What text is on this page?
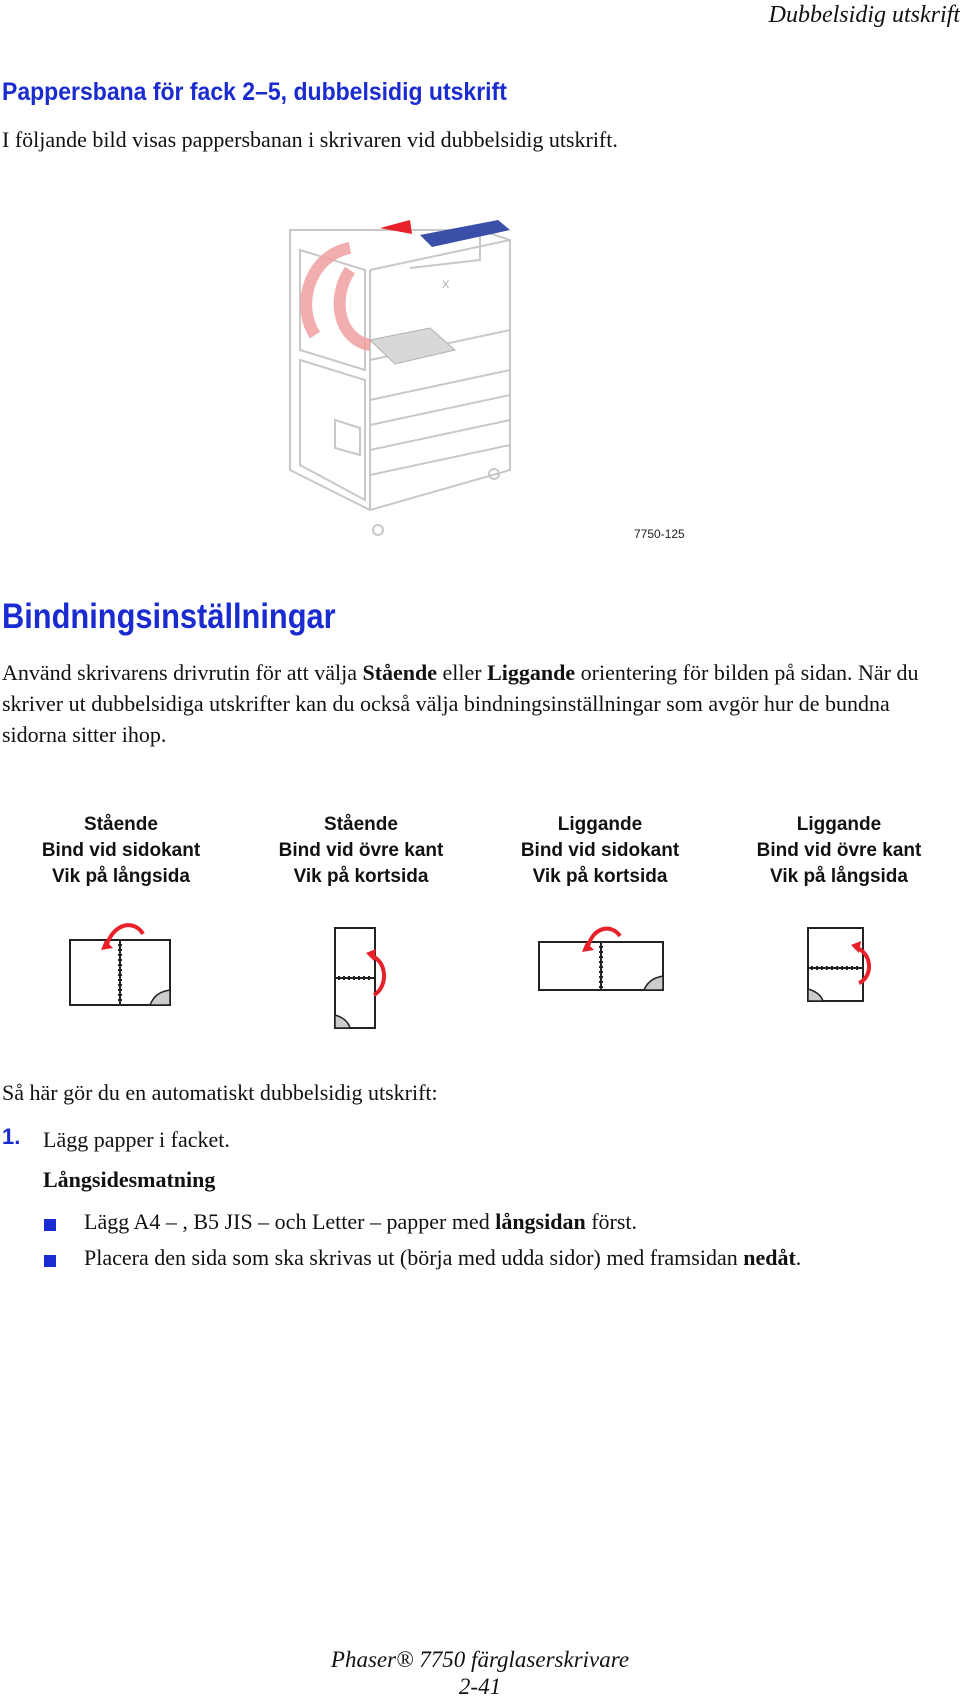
Dubbelsidig utskrift
Pappersbana för fack 2–5, dubbelsidig utskrift
I följande bild visas pappersbanan i skrivaren vid dubbelsidig utskrift.
X
7750-125
Bindningsinställningar
Använd skrivarens drivrutin för att välja Stående eller Liggande orientering för bilden på sidan. När du skriver ut dubbelsidiga utskrifter kan du också välja bindningsinställningar som avgör hur de bundna sidorna sitter ihop.
Stående
Bind vid sidokant
Vik på långsida
Stående
Bind vid övre kant
Vik på kortsida
Liggande
Bind vid sidokant
Vik på kortsida
Liggande
Bind vid övre kant
Vik på långsida
Så här gör du en automatiskt dubbelsidig utskrift:
1. Lägg papper i facket.
Långsidesmatning
Lägg A4 – , B5 JIS – och Letter – papper med långsidan först.
Placera den sida som ska skrivas ut (börja med udda sidor) med framsidan nedåt.
Phaser® 7750 färglaserskrivare
2-41
